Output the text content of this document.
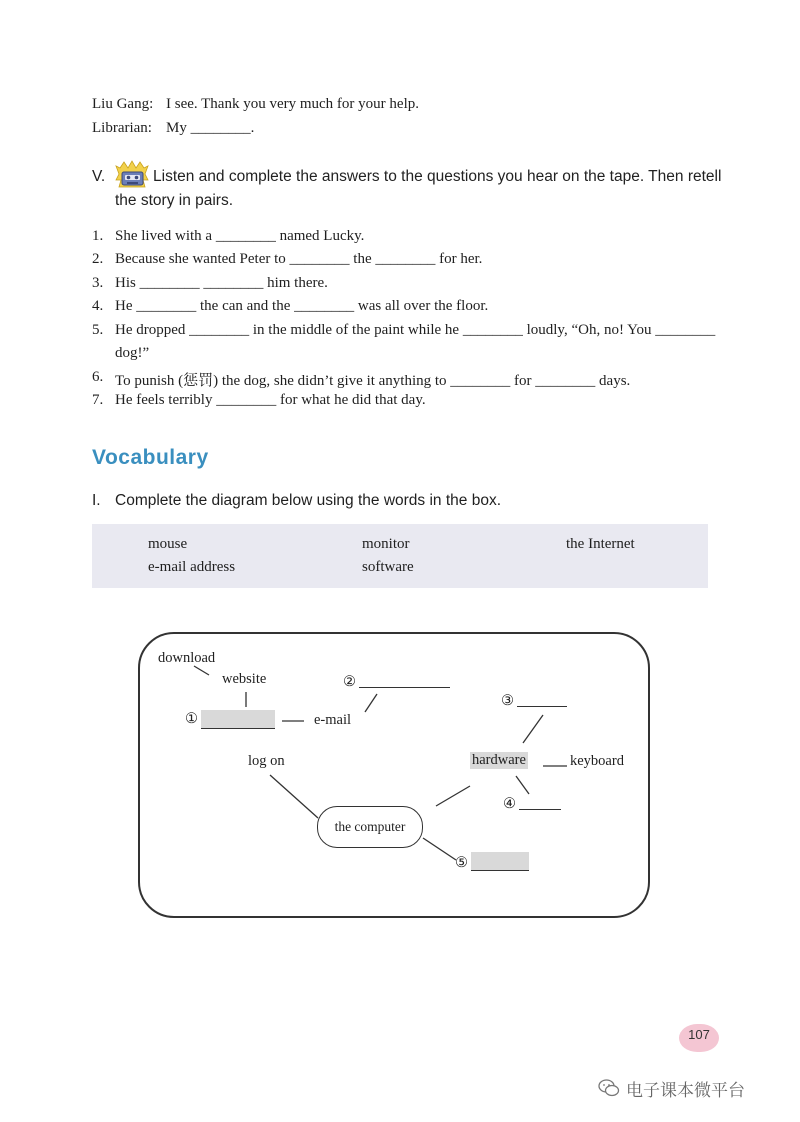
Liu Gang: I see. Thank you very much for your help.
Librarian: My ________.
V.	Listen and complete the answers to the questions you hear on the tape. Then retell
the story in pairs.
1. She lived with a ________ named Lucky.
2. Because she wanted Peter to ________ the ________ for her.
3. His ________ ________ him there.
4. He ________ the can and the ________ was all over the floor.
5. He dropped ________ in the middle of the paint while he ________ loudly, “Oh, no! You ________
dog!”
6. To punish (惩罚) the dog, she didn’t give it anything to ________ for ________ days.
7. He feels terribly ________ for what he did that day.
Vocabulary
I. Complete the diagram below using the words in the box.
mouse	monitor	the Internet
e-mail address	software
download
website
①	e-mail
②
③
log on	hardware	keyboard
④
the computer
⑤
107
电子课本微平台
